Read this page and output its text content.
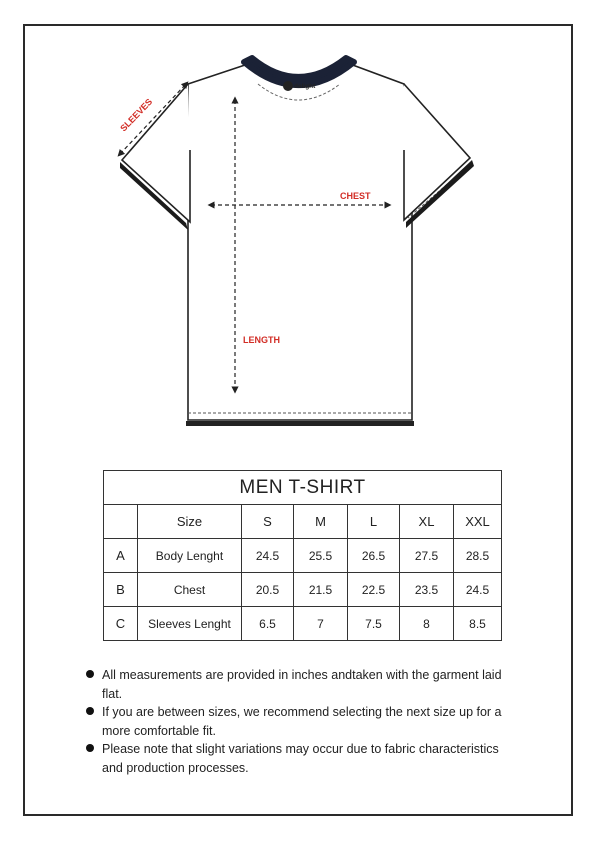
delight
CHEST
LENGTH
SLEEVES
MEN T-SHIRT						
	Size	S	M	L	XL	XXL
A	Body Lenght	24.5	25.5	26.5	27.5	28.5
B	Chest	20.5	21.5	22.5	23.5	24.5
C	Sleeves Lenght	6.5	7	7.5	8	8.5
All measurements are provided in inches andtaken with the garment laid flat.
If you are between sizes, we recommend selecting the next size up for a more comfortable fit.
Please note that slight variations may occur due to fabric characteristics and production processes.
